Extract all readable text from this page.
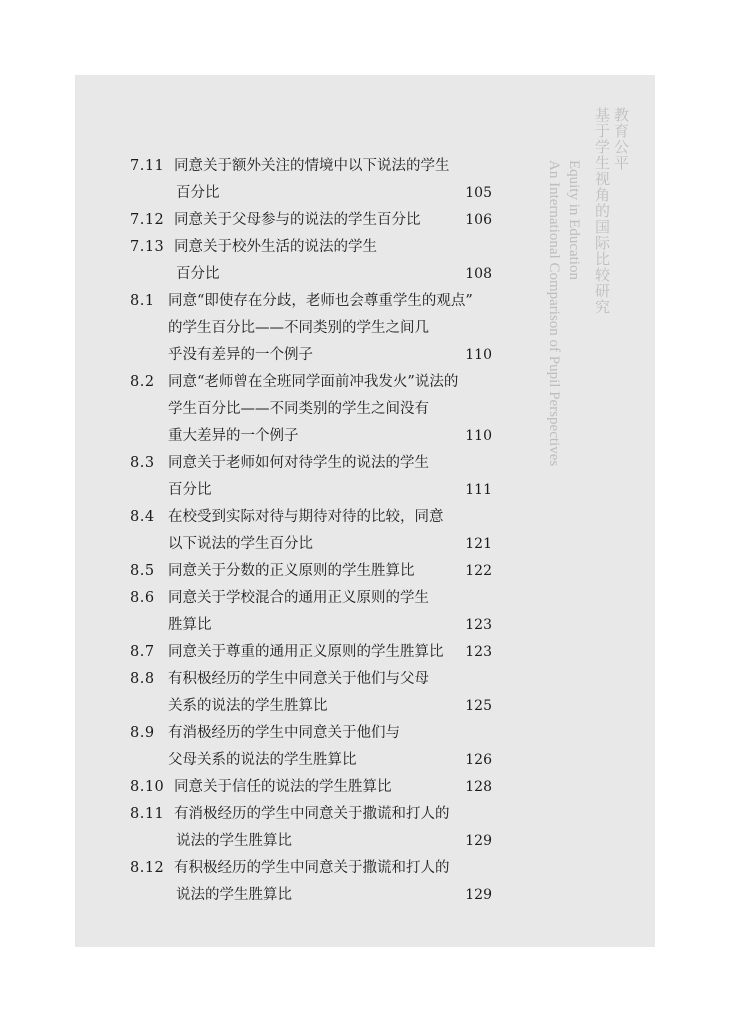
教育公平
基于学生视角的国际比较研究
Equity in Education
An International Comparison of Pupil Perspectives
7.11 同意关于额外关注的情境中以下说法的学生
百分比	105
7.12 同意关于父母参与的说法的学生百分比	106
7.13 同意关于校外生活的说法的学生
百分比	108
8.1 同意“即使存在分歧，老师也会尊重学生的观点”
的学生百分比——不同类别的学生之间几
乎没有差异的一个例子	110
8.2 同意“老师曾在全班同学面前冲我发火”说法的
学生百分比——不同类别的学生之间没有
重大差异的一个例子	110
8.3 同意关于老师如何对待学生的说法的学生
百分比	111
8.4 在校受到实际对待与期待对待的比较，同意
以下说法的学生百分比	121
8.5 同意关于分数的正义原则的学生胜算比	122
8.6 同意关于学校混合的通用正义原则的学生
胜算比	123
8.7 同意关于尊重的通用正义原则的学生胜算比 123
8.8 有积极经历的学生中同意关于他们与父母
关系的说法的学生胜算比	125
8.9 有消极经历的学生中同意关于他们与
父母关系的说法的学生胜算比	126
8.10 同意关于信任的说法的学生胜算比	128
8.11 有消极经历的学生中同意关于撒谎和打人的
说法的学生胜算比	129
8.12 有积极经历的学生中同意关于撒谎和打人的
说法的学生胜算比	129
